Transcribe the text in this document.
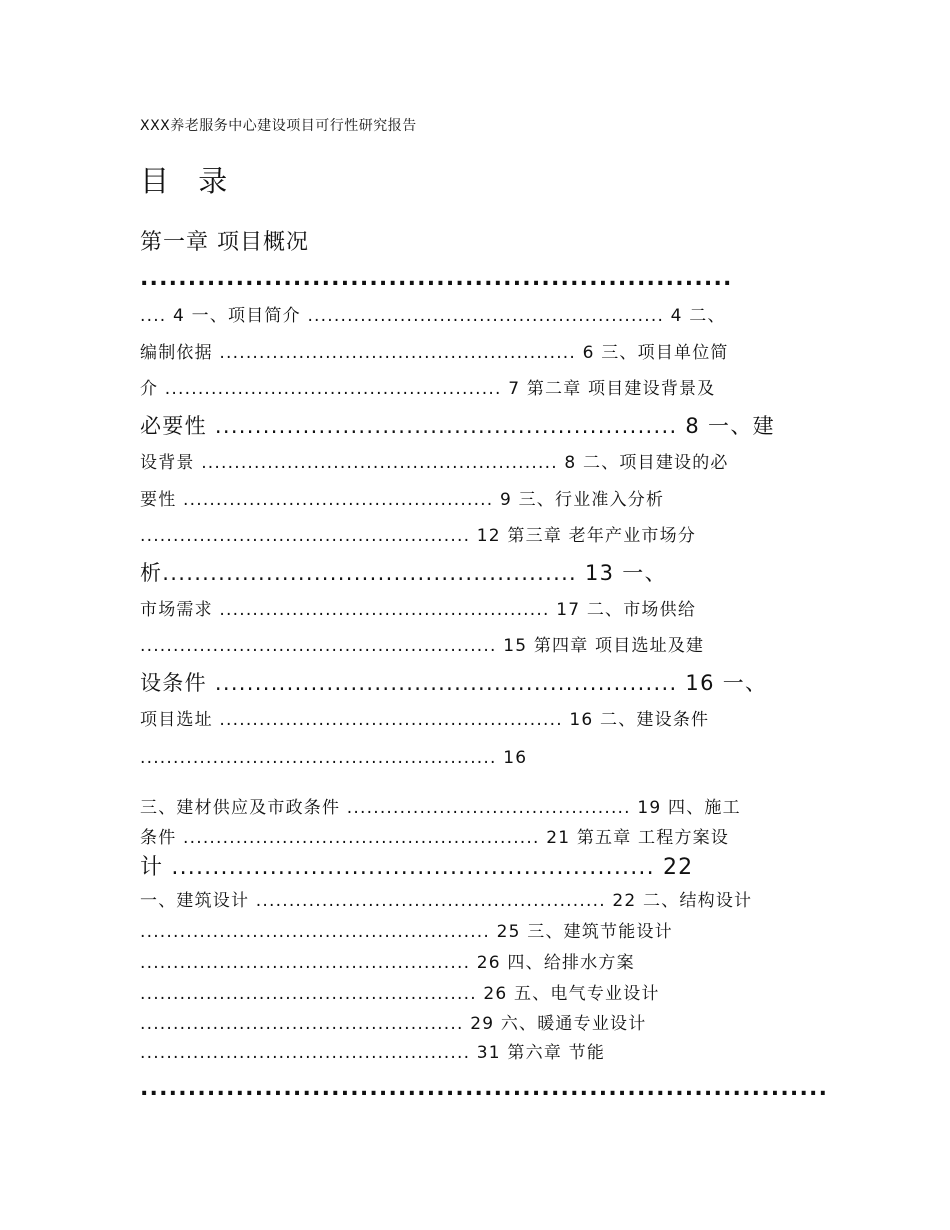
XXX养老服务中心建设项目可行性研究报告
目 录
第一章 项目概况
..............................................................
.... 4 一、项目简介 ...................................................... 4 二、
编制依据 ...................................................... 6 三、项目单位简
介 ................................................... 7 第二章 项目建设背景及
必要性 .......................................................... 8 一、建
设背景 ...................................................... 8 二、项目建设的必
要性 ............................................... 9 三、行业准入分析
.................................................. 12 第三章 老年产业市场分
析.................................................... 13 一、
市场需求 .................................................. 17 二、市场供给
...................................................... 15 第四章 项目选址及建
设条件 .......................................................... 16 一、
项目选址 .................................................... 16 二、建设条件
...................................................... 16
三、建材供应及市政条件 ........................................... 19 四、施工
条件 ...................................................... 21 第五章 工程方案设
计 ........................................................... 22
一、建筑设计 ..................................................... 22 二、结构设计
..................................................... 25 三、建筑节能设计
.................................................. 26 四、给排水方案
................................................... 26 五、电气专业设计
................................................. 29 六、暖通专业设计
.................................................. 31 第六章 节能
........................................................................
